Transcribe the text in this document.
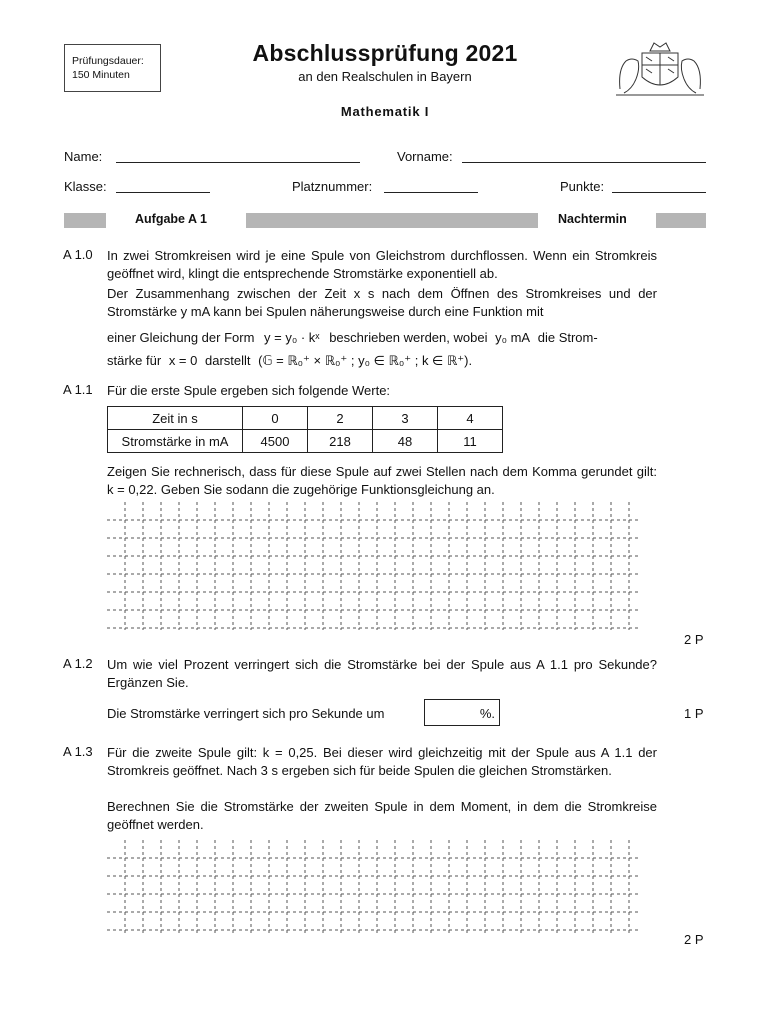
Prüfungsdauer:
150 Minuten
Abschlussprüfung 2021
an den Realschulen in Bayern
Mathematik I
Name:	Vorname:
Klasse:	Platznummer:	Punkte:
Aufgabe A 1	Nachtermin
A 1.0 In zwei Stromkreisen wird je eine Spule von Gleichstrom durchflossen. Wenn ein Stromkreis geöffnet wird, klingt die entsprechende Stromstärke exponentiell ab.
Der Zusammenhang zwischen der Zeit x s nach dem Öffnen des Stromkreises und der Stromstärke y mA kann bei Spulen näherungsweise durch eine Funktion mit
einer Gleichung der Form y = y₀ · kˣ beschrieben werden, wobei y₀ mA die Strom-
stärke für x = 0 darstellt (𝔾 = ℝ₀⁺ × ℝ₀⁺ ; y₀ ∈ ℝ₀⁺ ; k ∈ ℝ⁺).
A 1.1 Für die erste Spule ergeben sich folgende Werte:
Zeit in s	0	2	3	4
Stromstärke in mA	4500	218	48	11
Zeigen Sie rechnerisch, dass für diese Spule auf zwei Stellen nach dem Komma gerundet gilt: k = 0,22. Geben Sie sodann die zugehörige Funktionsgleichung an.
2 P
A 1.2 Um wie viel Prozent verringert sich die Stromstärke bei der Spule aus A 1.1 pro Sekunde? Ergänzen Sie.
Die Stromstärke verringert sich pro Sekunde um	%.	1 P
A 1.3 Für die zweite Spule gilt: k = 0,25. Bei dieser wird gleichzeitig mit der Spule aus A 1.1 der Stromkreis geöffnet. Nach 3 s ergeben sich für beide Spulen die gleichen Stromstärken.
Berechnen Sie die Stromstärke der zweiten Spule in dem Moment, in dem die Stromkreise geöffnet werden.
2 P
